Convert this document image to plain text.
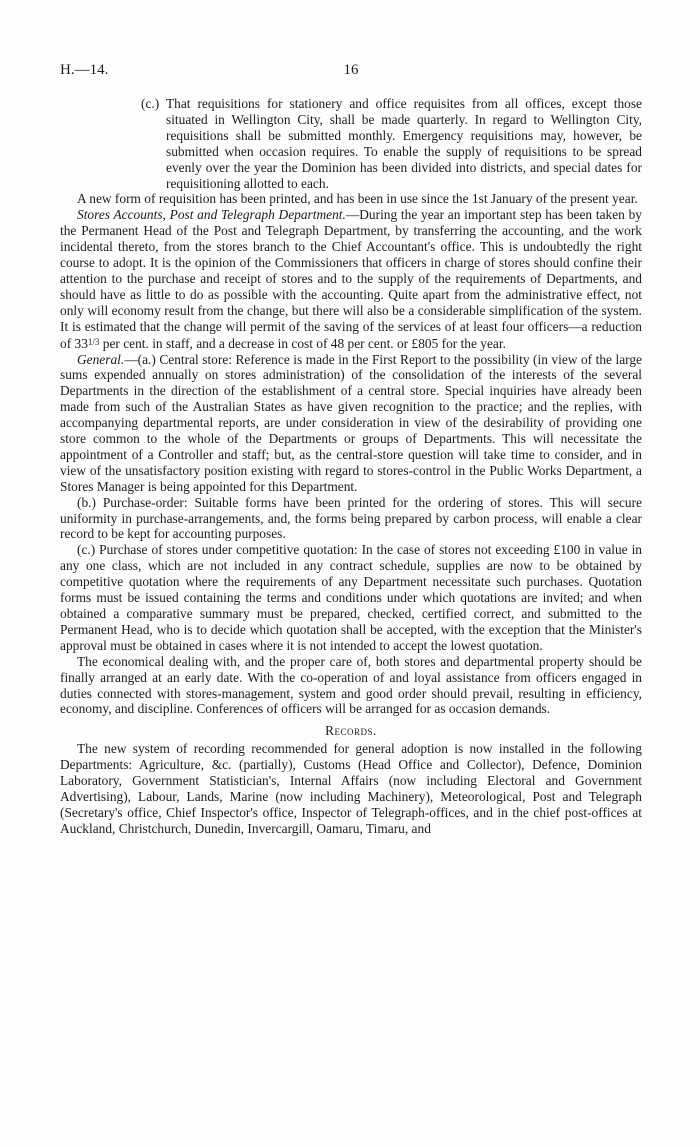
H.—14.	16

(c.) That requisitions for stationery and office requisites from all offices, except those situated in Wellington City, shall be made quarterly. In regard to Wellington City, requisitions shall be submitted monthly. Emergency requisitions may, however, be submitted when occasion requires. To enable the supply of requisitions to be spread evenly over the year the Dominion has been divided into districts, and special dates for requisitioning allotted to each.

A new form of requisition has been printed, and has been in use since the 1st January of the present year.

Stores Accounts, Post and Telegraph Department.—During the year an important step has been taken by the Permanent Head of the Post and Telegraph Department, by transferring the accounting, and the work incidental thereto, from the stores branch to the Chief Accountant's office. This is undoubtedly the right course to adopt. It is the opinion of the Commissioners that officers in charge of stores should confine their attention to the purchase and receipt of stores and to the supply of the requirements of Departments, and should have as little to do as possible with the accounting. Quite apart from the administrative effect, not only will economy result from the change, but there will also be a considerable simplification of the system. It is estimated that the change will permit of the saving of the services of at least four officers—a reduction of $33^{1/3}$ per cent. in staff, and a decrease in cost of 48 per cent. or £805 for the year.

General.—(a.) Central store: Reference is made in the First Report to the possibility (in view of the large sums expended annually on stores administration) of the consolidation of the interests of the several Departments in the direction of the establishment of a central store. Special inquiries have already been made from such of the Australian States as have given recognition to the practice; and the replies, with accompanying departmental reports, are under consideration in view of the desirability of providing one store common to the whole of the Departments or groups of Departments. This will necessitate the appointment of a Controller and staff; but, as the central-store question will take time to consider, and in view of the unsatisfactory position existing with regard to stores-control in the Public Works Department, a Stores Manager is being appointed for this Department.

(b.) Purchase-order: Suitable forms have been printed for the ordering of stores. This will secure uniformity in purchase-arrangements, and, the forms being prepared by carbon process, will enable a clear record to be kept for accounting purposes.

(c.) Purchase of stores under competitive quotation: In the case of stores not exceeding £100 in value in any one class, which are not included in any contract schedule, supplies are now to be obtained by competitive quotation where the requirements of any Department necessitate such purchases. Quotation forms must be issued containing the terms and conditions under which quotations are invited; and when obtained a comparative summary must be prepared, checked, certified correct, and submitted to the Permanent Head, who is to decide which quotation shall be accepted, with the exception that the Minister's approval must be obtained in cases where it is not intended to accept the lowest quotation.

The economical dealing with, and the proper care of, both stores and departmental property should be finally arranged at an early date. With the co-operation of and loyal assistance from officers engaged in duties connected with stores-management, system and good order should prevail, resulting in efficiency, economy, and discipline. Conferences of officers will be arranged for as occasion demands.

Records.

The new system of recording recommended for general adoption is now installed in the following Departments: Agriculture, &c. (partially), Customs (Head Office and Collector), Defence, Dominion Laboratory, Government Statistician's, Internal Affairs (now including Electoral and Government Advertising), Labour, Lands, Marine (now including Machinery), Meteorological, Post and Telegraph (Secretary's office, Chief Inspector's office, Inspector of Telegraph-offices, and in the chief post-offices at Auckland, Christchurch, Dunedin, Invercargill, Oamaru, Timaru, and
